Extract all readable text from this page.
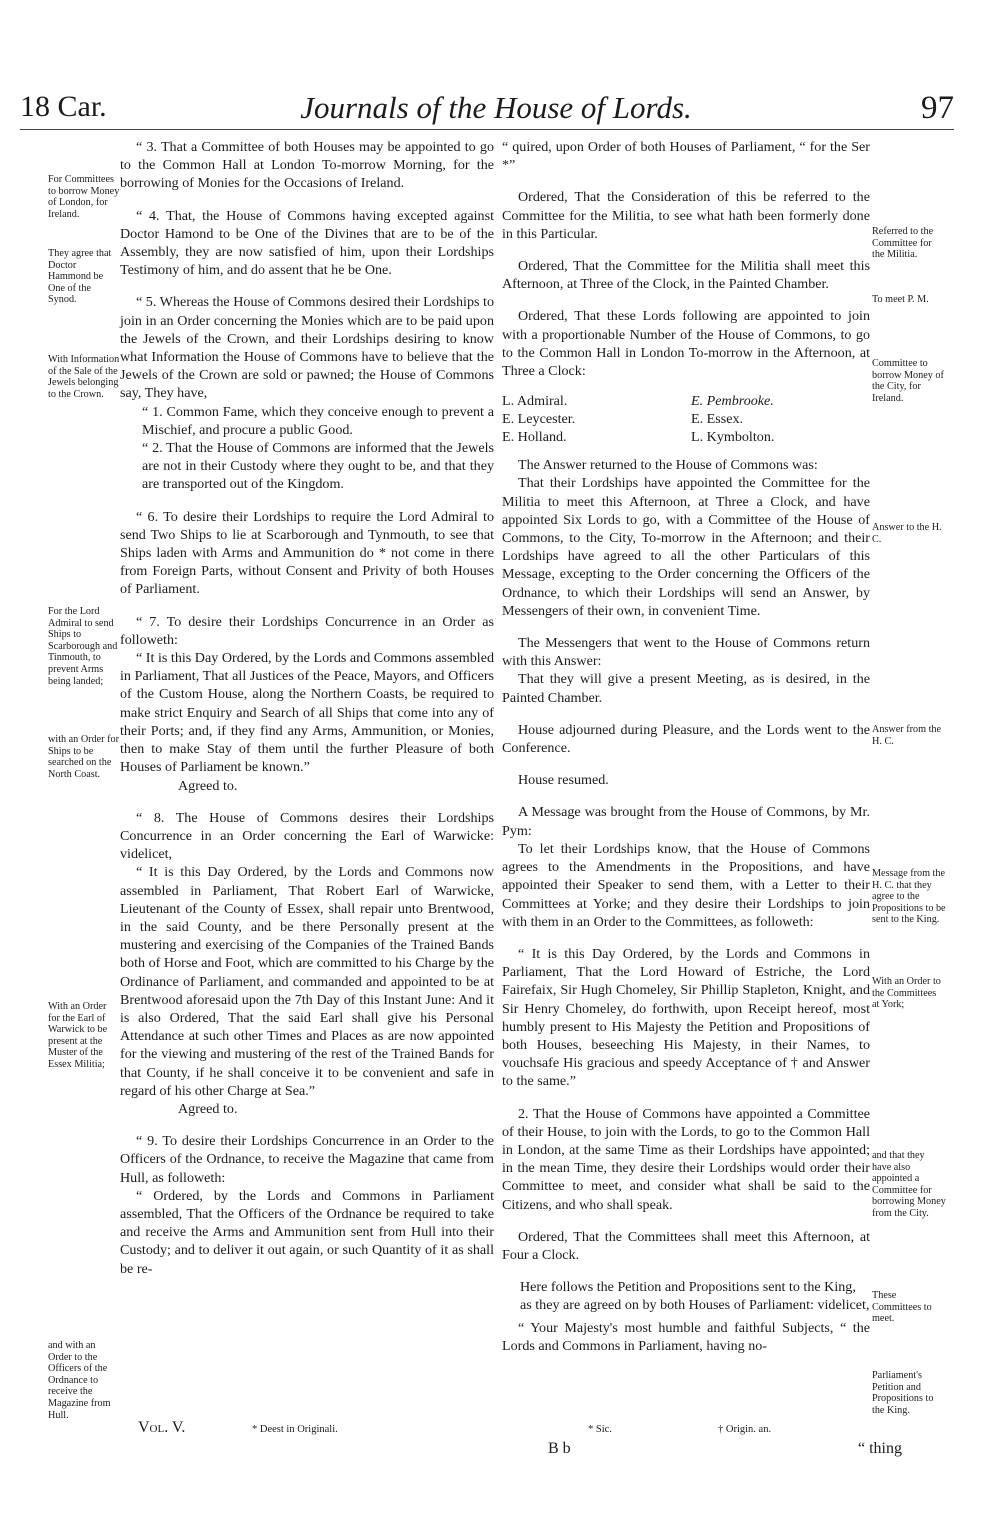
18 Car.	Journals of the House of Lords.	97

For Committees to borrow Money of London, for Ireland.

They agree that Doctor Hammond be One of the Synod.

With Information of the Sale of the Jewels belonging to the Crown.

For the Lord Admiral to send Ships to Scarborough and Tinmouth, to prevent Arms being landed;

with an Order for Ships to be searched on the North Coast.

With an Order for the Earl of Warwick to be present at the Muster of the Essex Militia;

and with an Order to the Officers of the Ordnance to receive the Magazine from Hull.

“ 3. That a Committee of both Houses may be appointed to go to the Common Hall at London To-morrow Morning, for the borrowing of Monies for the Occasions of Ireland.

“ 4. That, the House of Commons having excepted against Doctor Hamond to be One of the Divines that are to be of the Assembly, they are now satisfied of him, upon their Lordships Testimony of him, and do assent that he be One.

“ 5. Whereas the House of Commons desired their Lordships to join in an Order concerning the Monies which are to be paid upon the Jewels of the Crown, and their Lordships desiring to know what Information the House of Commons have to believe that the Jewels of the Crown are sold or pawned; the House of Commons say, They have,

“ 1. Common Fame, which they conceive enough to prevent a Mischief, and procure a public Good.

“ 2. That the House of Commons are informed that the Jewels are not in their Custody where they ought to be, and that they are transported out of the Kingdom.

“ 6. To desire their Lordships to require the Lord Admiral to send Two Ships to lie at Scarborough and Tynmouth, to see that Ships laden with Arms and Ammunition do * not come in there from Foreign Parts, without Consent and Privity of both Houses of Parliament.

“ 7. To desire their Lordships Concurrence in an Order as followeth:

“ It is this Day Ordered, by the Lords and Commons assembled in Parliament, That all Justices of the Peace, Mayors, and Officers of the Custom House, along the Northern Coasts, be required to make strict Enquiry and Search of all Ships that come into any of their Ports; and, if they find any Arms, Ammunition, or Monies, then to make Stay of them until the further Pleasure of both Houses of Parliament be known.”

Agreed to.

“ 8. The House of Commons desires their Lordships Concurrence in an Order concerning the Earl of Warwicke: videlicet,

“ It is this Day Ordered, by the Lords and Commons now assembled in Parliament, That Robert Earl of Warwicke, Lieutenant of the County of Essex, shall repair unto Brentwood, in the said County, and be there Personally present at the mustering and exercising of the Companies of the Trained Bands both of Horse and Foot, which are committed to his Charge by the Ordinance of Parliament, and commanded and appointed to be at Brentwood aforesaid upon the 7th Day of this Instant June: And it is also Ordered, That the said Earl shall give his Personal Attendance at such other Times and Places as are now appointed for the viewing and mustering of the rest of the Trained Bands for that County, if he shall conceive it to be convenient and safe in regard of his other Charge at Sea.”

Agreed to.

“ 9. To desire their Lordships Concurrence in an Order to the Officers of the Ordnance, to receive the Magazine that came from Hull, as followeth:

“ Ordered, by the Lords and Commons in Parliament assembled, That the Officers of the Ordnance be required to take and receive the Arms and Ammunition sent from Hull into their Custody; and to deliver it out again, or such Quantity of it as shall be re-

“ quired, upon Order of both Houses of Parliament, “ for the Ser *”

Ordered, That the Consideration of this be referred to the Committee for the Militia, to see what hath been formerly done in this Particular.

Ordered, That the Committee for the Militia shall meet this Afternoon, at Three of the Clock, in the Painted Chamber.

Ordered, That these Lords following are appointed to join with a proportionable Number of the House of Commons, to go to the Common Hall in London To-morrow in the Afternoon, at Three a Clock:

L. Admiral.	E. Pembrooke.
E. Leycester.	E. Essex.
E. Holland.	L. Kymbolton.

The Answer returned to the House of Commons was:

That their Lordships have appointed the Committee for the Militia to meet this Afternoon, at Three a Clock, and have appointed Six Lords to go, with a Committee of the House of Commons, to the City, To-morrow in the Afternoon; and their Lordships have agreed to all the other Particulars of this Message, excepting to the Order concerning the Officers of the Ordnance, to which their Lordships will send an Answer, by Messengers of their own, in convenient Time.

The Messengers that went to the House of Commons return with this Answer:

That they will give a present Meeting, as is desired, in the Painted Chamber.

House adjourned during Pleasure, and the Lords went to the Conference.

House resumed.

A Message was brought from the House of Commons, by Mr. Pym:

To let their Lordships know, that the House of Commons agrees to the Amendments in the Propositions, and have appointed their Speaker to send them, with a Letter to their Committees at Yorke; and they desire their Lordships to join with them in an Order to the Committees, as followeth:

“ It is this Day Ordered, by the Lords and Commons in Parliament, That the Lord Howard of Estriche, the Lord Fairefaix, Sir Hugh Chomeley, Sir Phillip Stapleton, Knight, and Sir Henry Chomeley, do forthwith, upon Receipt hereof, most humbly present to His Majesty the Petition and Propositions of both Houses, beseeching His Majesty, in their Names, to vouchsafe His gracious and speedy Acceptance of † and Answer to the same.”

2. That the House of Commons have appointed a Committee of their House, to join with the Lords, to go to the Common Hall in London, at the same Time as their Lordships have appointed; in the mean Time, they desire their Lordships would order their Committee to meet, and consider what shall be said to the Citizens, and who shall speak.

Ordered, That the Committees shall meet this Afternoon, at Four a Clock.

Here follows the Petition and Propositions sent to the King, as they are agreed on by both Houses of Parliament: videlicet,

“ Your Majesty's most humble and faithful Subjects, “ the Lords and Commons in Parliament, having no-

Referred to the Committee for the Militia.

To meet P. M.

Committee to borrow Money of the City, for Ireland.

Answer to the H. C.

Answer from the H. C.

Message from the H. C. that they agree to the Propositions to be sent to the King.

With an Order to the Committees at York;

and that they have also appointed a Committee for borrowing Money from the City.

These Committees to meet.

Parliament's Petition and Propositions to the King.

* Deest in Originali.	* Sic.	† Origin. an.
Vol. V.
B b	“ thing
